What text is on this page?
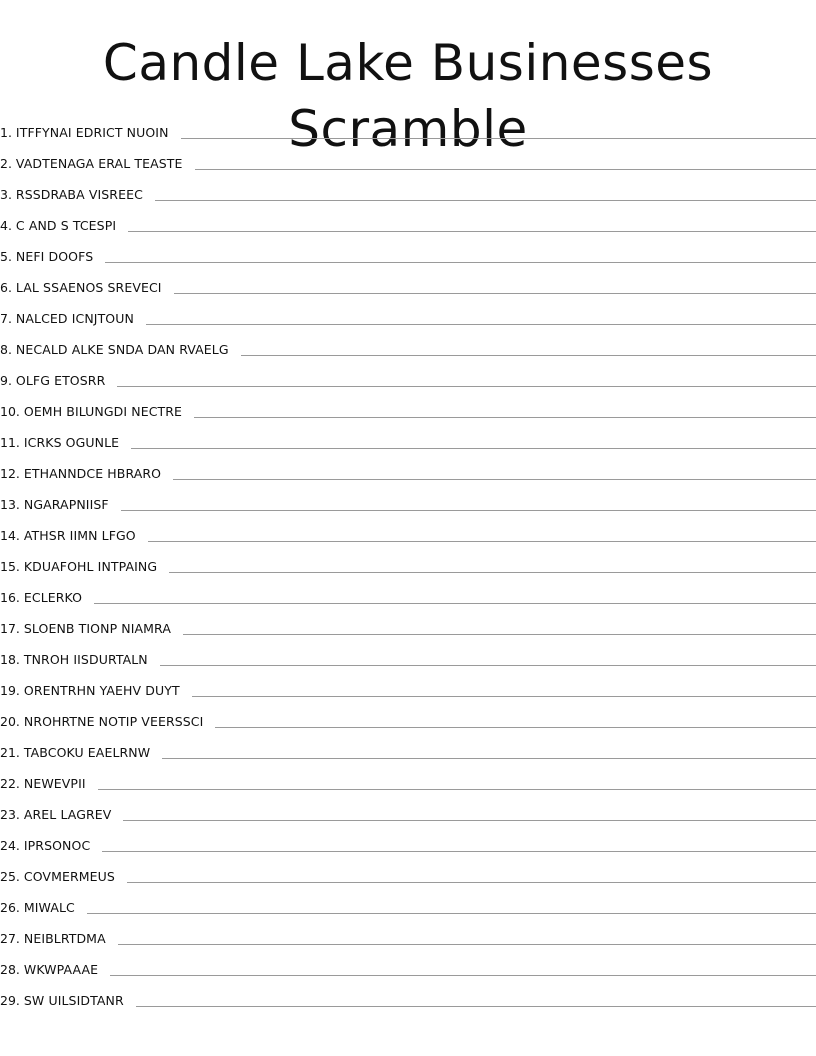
Candle Lake Businesses Scramble
1.
ITFFYNAI EDRICT NUOIN
2.
VADTENAGA ERAL TEASTE
3.
RSSDRABA VISREEC
4.
C AND S TCESPI
5.
NEFI DOOFS
6.
LAL SSAENOS SREVECI
7.
NALCED ICNJTOUN
8.
NECALD ALKE SNDA DAN RVAELG
9.
OLFG ETOSRR
10.
OEMH BILUNGDI NECTRE
11.
ICRKS OGUNLE
12.
ETHANNDCE HBRARO
13.
NGARAPNIISF
14.
ATHSR IIMN LFGO
15.
KDUAFOHL INTPAING
16.
ECLERKO
17.
SLOENB TIONP NIAMRA
18.
TNROH IISDURTALN
19.
ORENTRHN YAEHV DUYT
20.
NROHRTNE NOTIP VEERSSCI
21.
TABCOKU EAELRNW
22.
NEWEVPII
23.
AREL LAGREV
24.
IPRSONOC
25.
COVMERMEUS
26.
MIWALC
27.
NEIBLRTDMA
28.
WKWPAAAE
29.
SW UILSIDTANR
